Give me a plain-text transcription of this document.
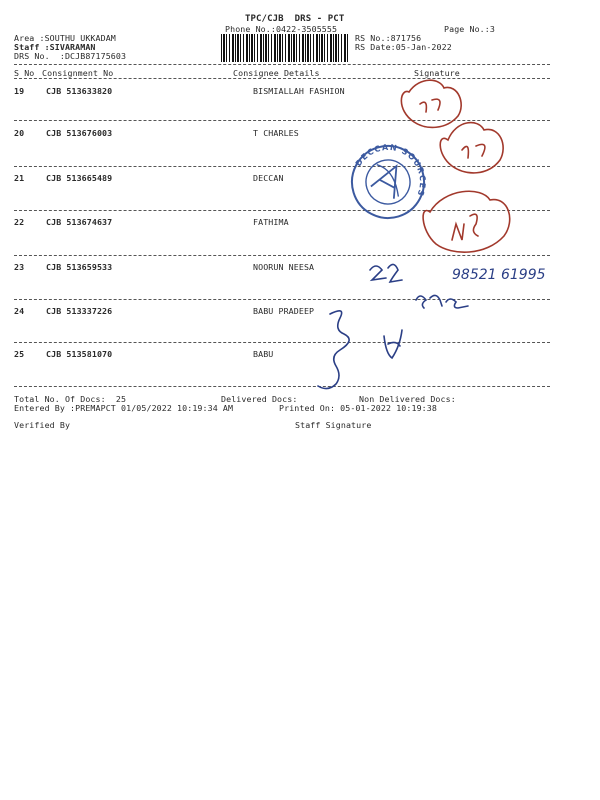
TPC/CJB  DRS - PCT
Phone No.:0422-3505555	Page No.:3
Area :SOUTHU UKKADAM
Staff :SIVARAMAN
DRS No.  :DCJB87175603
RS No.:871756
RS Date:05-Jan-2022
S No Consignment No	Consignee Details	Signature
19	CJB 513633820	BISMIALLAH FASHION
20	CJB 513676003	T CHARLES
21	CJB 513665489	DECCAN
22	CJB 513674637	FATHIMA
23	CJB 513659533	NOORUN NEESA
24	CJB 513337226	BABU PRADEEP
25	CJB 513581070	BABU
Total No. Of Docs:  25	Delivered Docs:	Non Delivered Docs:
Entered By :PREMAPCT 01/05/2022 10:19:34 AM	Printed On: 05-01-2022 10:19:38
Verified By	Staff Signature
DECCAN SOURCES
98521 61995
